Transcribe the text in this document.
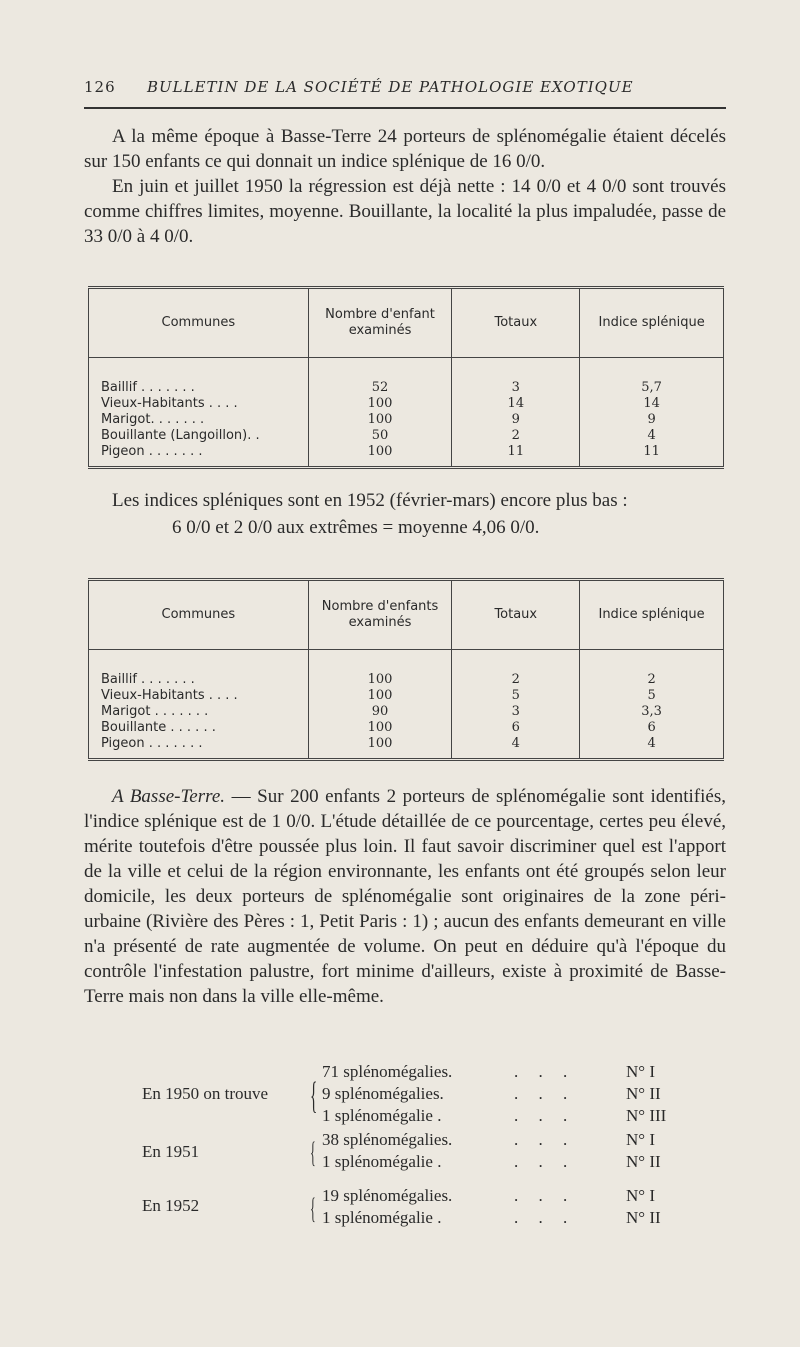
126 BULLETIN DE LA SOCIÉTÉ DE PATHOLOGIE EXOTIQUE

A la même époque à Basse-Terre 24 porteurs de splénomégalie étaient décelés sur 150 enfants ce qui donnait un indice splénique de 16 0/0.

En juin et juillet 1950 la régression est déjà nette : 14 0/0 et 4 0/0 sont trouvés comme chiffres limites, moyenne. Bouillante, la localité la plus impaludée, passe de 33 0/0 à 4 0/0.

Communes	Nombre d'enfant examinés	Totaux	Indice splénique

Baillif . . . . . . .	52	3	5,7
Vieux-Habitants . . . .	100	14	14
Marigot. . . . . . .	100	9	9
Bouillante (Langoillon). .	50	2	4
Pigeon . . . . . . .	100	11	11

Les indices spléniques sont en 1952 (février-mars) encore plus bas :

6 0/0 et 2 0/0 aux extrêmes = moyenne 4,06 0/0.

Communes	Nombre d'enfants examinés	Totaux	Indice splénique

Baillif . . . . . . .	100	2	2
Vieux-Habitants . . . .	100	5	5
Marigot . . . . . . .	90	3	3,3
Bouillante . . . . . .	100	6	6
Pigeon . . . . . . .	100	4	4

A Basse-Terre. — Sur 200 enfants 2 porteurs de splénomégalie sont identifiés, l'indice splénique est de 1 0/0. L'étude détaillée de ce pourcentage, certes peu élevé, mérite toutefois d'être poussée plus loin. Il faut savoir discriminer quel est l'apport de la ville et celui de la région environnante, les enfants ont été groupés selon leur domicile, les deux porteurs de splénomégalie sont originaires de la zone péri-urbaine (Rivière des Pères : 1, Petit Paris : 1) ; aucun des enfants demeurant en ville n'a présenté de rate augmentée de volume. On peut en déduire qu'à l'époque du contrôle l'infestation palustre, fort minime d'ailleurs, existe à proximité de Basse-Terre mais non dans la ville elle-même.

En 1950 on trouve {
71 splénomégalies.	. . .	N° I
9 splénomégalies.	. . .	N° II
1 splénomégalie .	. . .	N° III
En 1951	{ 38 splénomégalies.	. . .	N° I
1 splénomégalie .	. . .	N° II
En 1952	{ 19 splénomégalies.	. . .	N° I
1 splénomégalie .	. . .	N° II
